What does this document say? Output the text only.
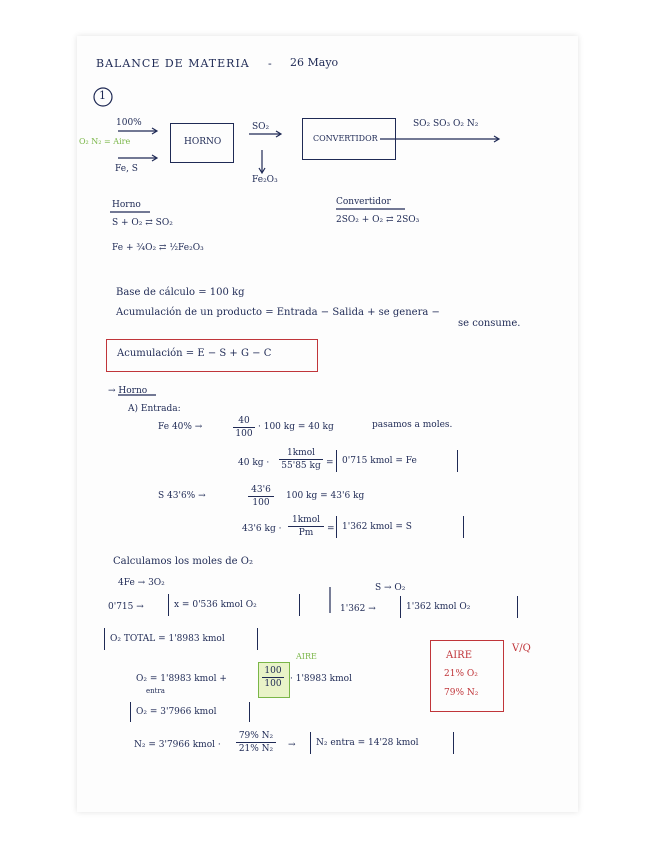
BALANCE DE MATERIA - 26 Mayo
1
100%
O₂ N₂ = Aire
Fe, S
HORNO
SO₂
Fe₂O₃
CONVERTIDOR
SO₂ SO₃ O₂ N₂
Horno
S + O₂ ⇄ SO₂
Fe + ¾O₂ ⇄ ½Fe₂O₃
Convertidor
2SO₂ + O₂ ⇄ 2SO₃
Base de cálculo = 100 kg
Acumulación de un producto = Entrada − Salida + se genera −
se consume.
Acumulación = E − S + G − C
→ Horno
A) Entrada:
Fe 40% →
40
100
· 100 kg = 40 kg	pasamos a moles.
40 kg ·
1kmol
55'85 kg = 0'715 kmol = Fe
S 43'6% →
43'6
100
100 kg = 43'6 kg
43'6 kg ·
1kmol
Pm = 1'362 kmol = S
Calculamos los moles de O₂
4Fe → 3O₂
0'715 →	x = 0'536 kmol O₂
S → O₂
1'362 →	1'362 kmol O₂
O₂ TOTAL = 1'8983 kmol
AIRE
O₂ = 1'8983 kmol +
entra
100
100 · 1'8983 kmol
O₂ = 3'7966 kmol
N₂ = 3'7966 kmol ·
79% N₂
21% N₂ → N₂ entra = 14'28 kmol
AIRE
21% O₂
79% N₂
V/Q
